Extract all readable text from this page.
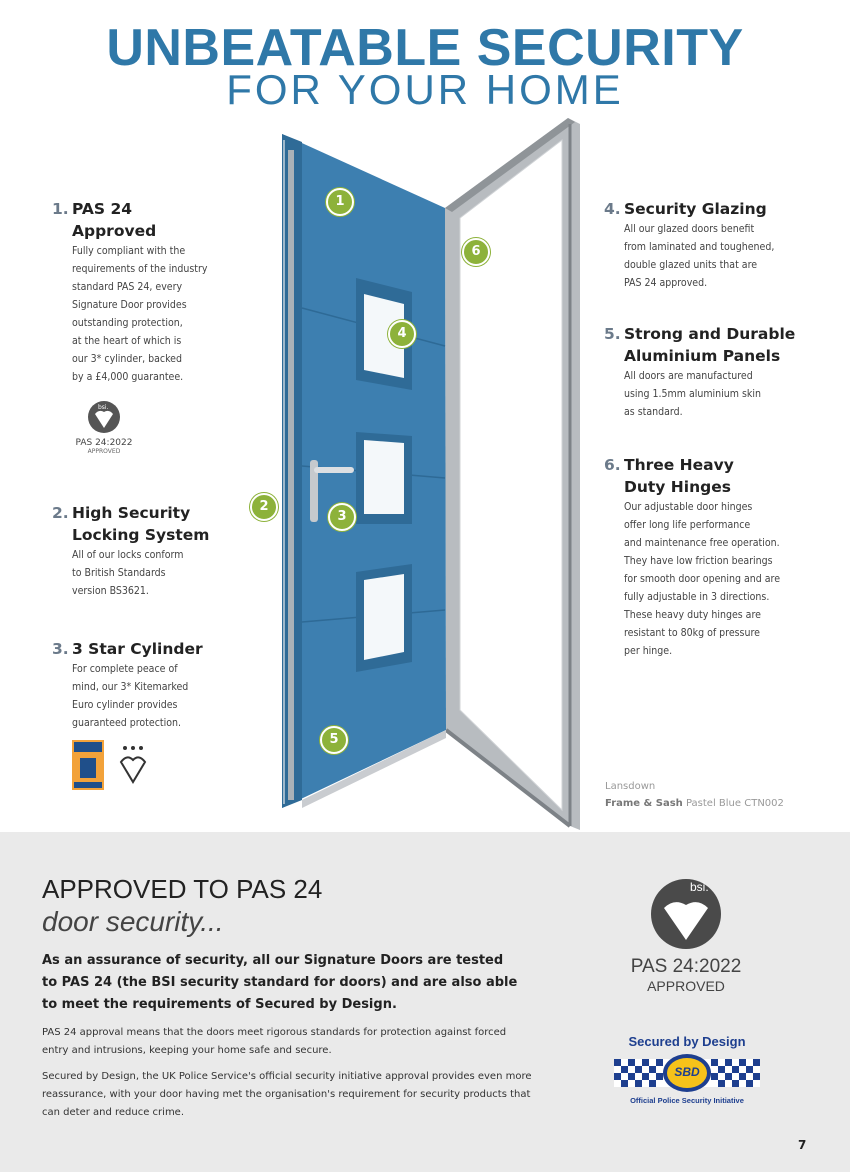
UNBEATABLE SECURITY
FOR YOUR HOME
1
2
3
4
5
6
1. PAS 24
Approved
Fully compliant with the
requirements of the industry
standard PAS 24, every
Signature Door provides
outstanding protection,
at the heart of which is
our 3* cylinder, backed
by a £4,000 guarantee.
bsi.
PAS 24:2022
APPROVED
2. High Security
Locking System
All of our locks conform
to British Standards
version BS3621.
3. 3 Star Cylinder
For complete peace of
mind, our 3* Kitemarked
Euro cylinder provides
guaranteed protection.
4. Security Glazing
All our glazed doors benefit
from laminated and toughened,
double glazed units that are
PAS 24 approved.
5. Strong and Durable
Aluminium Panels
All doors are manufactured
using 1.5mm aluminium skin
as standard.
6. Three Heavy
Duty Hinges
Our adjustable door hinges
offer long life performance
and maintenance free operation.
They have low friction bearings
for smooth door opening and are
fully adjustable in 3 directions.
These heavy duty hinges are
resistant to 80kg of pressure
per hinge.
Lansdown
Frame & Sash Pastel Blue CTN002
APPROVED TO PAS 24
door security...
As an assurance of security, all our Signature Doors are tested to PAS 24 (the BSI security standard for doors) and are also able to meet the requirements of Secured by Design.
PAS 24 approval means that the doors meet rigorous standards for protection against forced entry and intrusions, keeping your home safe and secure.
Secured by Design, the UK Police Service's official security initiative approval provides even more reassurance, with your door having met the organisation's requirement for security products that can deter and reduce crime.
bsi.
PAS 24:2022
APPROVED
Secured by Design
SBD
Official Police Security Initiative
7
